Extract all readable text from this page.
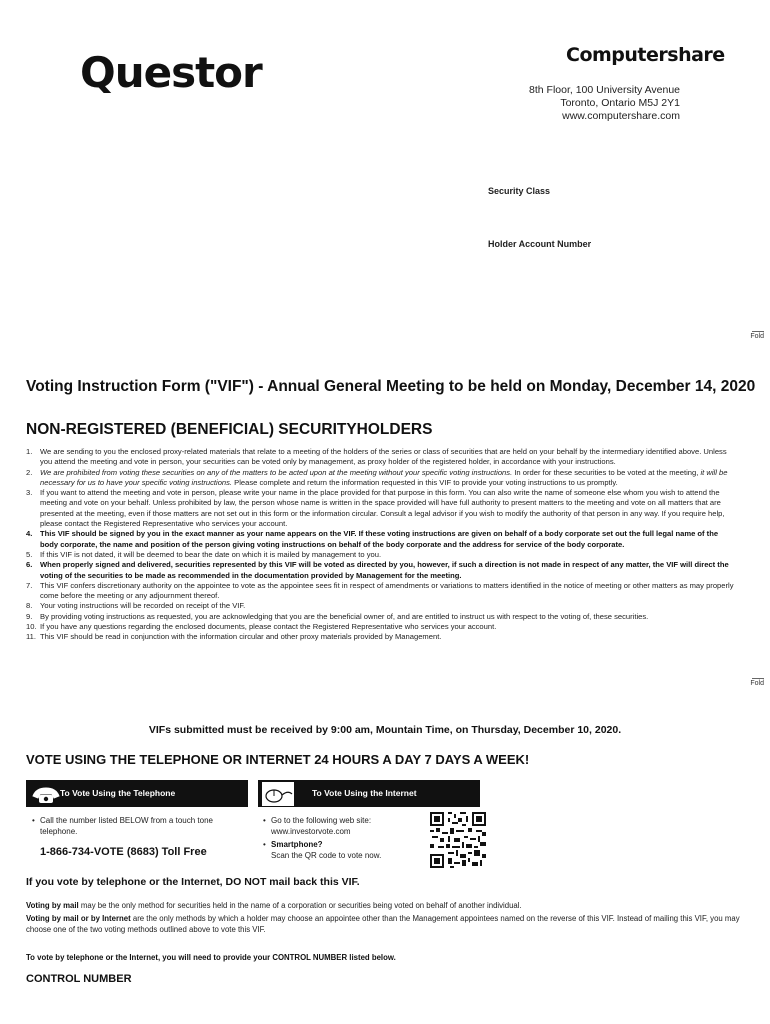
Questor	Computershare
8th Floor, 100 University Avenue
Toronto, Ontario M5J 2Y1
www.computershare.com
Security Class
Holder Account Number
Fold
Fold
Voting Instruction Form ("VIF") - Annual General Meeting to be held on Monday, December 14, 2020
NON-REGISTERED (BENEFICIAL) SECURITYHOLDERS
1. We are sending to you the enclosed proxy-related materials that relate to a meeting of the holders of the series or class of securities that are held on your behalf by the intermediary identified above. Unless you attend the meeting and vote in person, your securities can be voted only by management, as proxy holder of the registered holder, in accordance with your instructions.
2. We are prohibited from voting these securities on any of the matters to be acted upon at the meeting without your specific voting instructions. In order for these securities to be voted at the meeting, it will be necessary for us to have your specific voting instructions. Please complete and return the information requested in this VIF to provide your voting instructions to us promptly.
3. If you want to attend the meeting and vote in person, please write your name in the place provided for that purpose in this form. You can also write the name of someone else whom you wish to attend the meeting and vote on your behalf. Unless prohibited by law, the person whose name is written in the space provided will have full authority to present matters to the meeting and vote on all matters that are presented at the meeting, even if those matters are not set out in this form or the information circular. Consult a legal advisor if you wish to modify the authority of that person in any way. If you require help, please contact the Registered Representative who services your account.
4. This VIF should be signed by you in the exact manner as your name appears on the VIF. If these voting instructions are given on behalf of a body corporate set out the full legal name of the body corporate, the name and position of the person giving voting instructions on behalf of the body corporate and the address for service of the body corporate.
5. If this VIF is not dated, it will be deemed to bear the date on which it is mailed by management to you.
6. When properly signed and delivered, securities represented by this VIF will be voted as directed by you, however, if such a direction is not made in respect of any matter, the VIF will direct the voting of the securities to be made as recommended in the documentation provided by Management for the meeting.
7. This VIF confers discretionary authority on the appointee to vote as the appointee sees fit in respect of amendments or variations to matters identified in the notice of meeting or other matters as may properly come before the meeting or any adjournment thereof.
8. Your voting instructions will be recorded on receipt of the VIF.
9. By providing voting instructions as requested, you are acknowledging that you are the beneficial owner of, and are entitled to instruct us with respect to the voting of, these securities.
10. If you have any questions regarding the enclosed documents, please contact the Registered Representative who services your account.
11. This VIF should be read in conjunction with the information circular and other proxy materials provided by Management.
VIFs submitted must be received by 9:00 am, Mountain Time, on Thursday, December 10, 2020.
VOTE USING THE TELEPHONE OR INTERNET 24 HOURS A DAY 7 DAYS A WEEK!
To Vote Using the Telephone	To Vote Using the Internet
• Call the number listed BELOW from a touch tone telephone.
1-866-734-VOTE (8683) Toll Free
• Go to the following web site:
www.investorvote.com
• Smartphone?
Scan the QR code to vote now.
If you vote by telephone or the Internet, DO NOT mail back this VIF.
Voting by mail may be the only method for securities held in the name of a corporation or securities being voted on behalf of another individual.
Voting by mail or by Internet are the only methods by which a holder may choose an appointee other than the Management appointees named on the reverse of this VIF. Instead of mailing this VIF, you may choose one of the two voting methods outlined above to vote this VIF.
To vote by telephone or the Internet, you will need to provide your CONTROL NUMBER listed below.
CONTROL NUMBER
